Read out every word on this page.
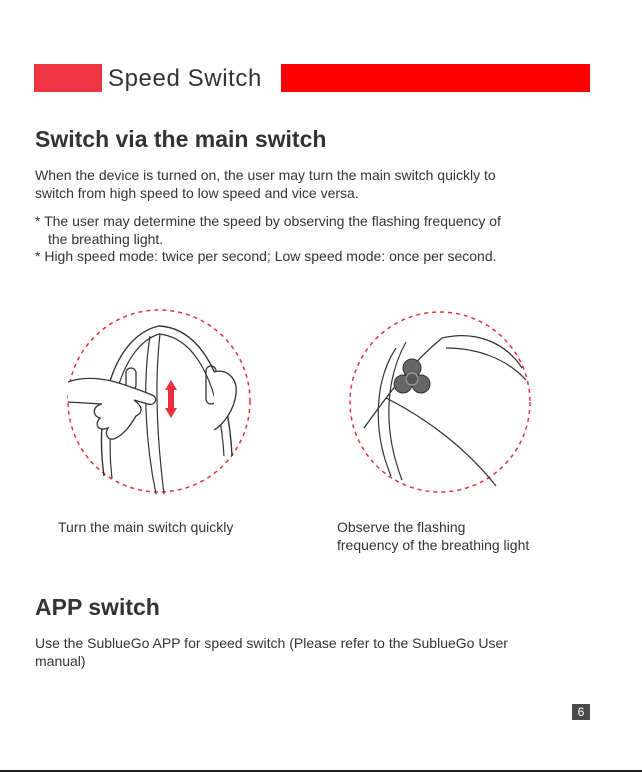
Speed Switch
Switch via the main switch

When the device is turned on, the user may turn the main switch quickly to

switch from high speed to low speed and vice versa.

* The user may determine the speed by observing the flashing frequency of

the breathing light.

* High speed mode: twice per second; Low speed mode: once per second.

Turn the main switch quickly	Observe the flashing
frequency of the breathing light
APP switch

Use the SublueGo APP for speed switch (Please refer to the SublueGo User

manual)

6
